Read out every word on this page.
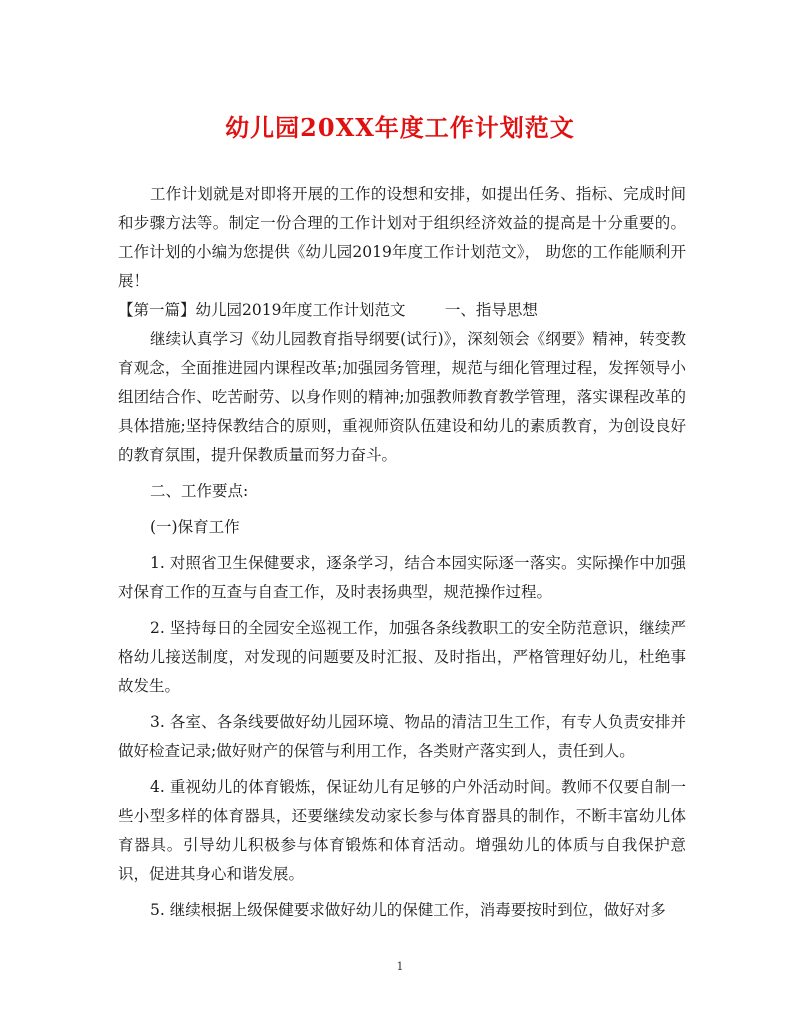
幼儿园20XX年度工作计划范文

工作计划就是对即将开展的工作的设想和安排，如提出任务、指标、完成时间和步骤方法等。制定一份合理的工作计划对于组织经济效益的提高是十分重要的。工作计划的小编为您提供《幼儿园2019年度工作计划范文》， 助您的工作能顺利开展！

【第一篇】幼儿园2019年度工作计划范文        一、指导思想

继续认真学习《幼儿园教育指导纲要(试行)》，深刻领会《纲要》精神，转变教育观念，全面推进园内课程改革;加强园务管理，规范与细化管理过程，发挥领导小组团结合作、吃苦耐劳、以身作则的精神;加强教师教育教学管理，落实课程改革的具体措施;坚持保教结合的原则，重视师资队伍建设和幼儿的素质教育，为创设良好的教育氛围，提升保教质量而努力奋斗。

二、工作要点:

(一)保育工作

1. 对照省卫生保健要求，逐条学习，结合本园实际逐一落实。实际操作中加强对保育工作的互查与自查工作，及时表扬典型，规范操作过程。

2. 坚持每日的全园安全巡视工作，加强各条线教职工的安全防范意识，继续严格幼儿接送制度，对发现的问题要及时汇报、及时指出，严格管理好幼儿，杜绝事故发生。

3. 各室、各条线要做好幼儿园环境、物品的清洁卫生工作，有专人负责安排并做好检查记录;做好财产的保管与利用工作，各类财产落实到人，责任到人。

4. 重视幼儿的体育锻炼，保证幼儿有足够的户外活动时间。教师不仅要自制一些小型多样的体育器具，还要继续发动家长参与体育器具的制作，不断丰富幼儿体育器具。引导幼儿积极参与体育锻炼和体育活动。增强幼儿的体质与自我保护意识，促进其身心和谐发展。

5. 继续根据上级保健要求做好幼儿的保健工作，消毒要按时到位，做好对多

1
